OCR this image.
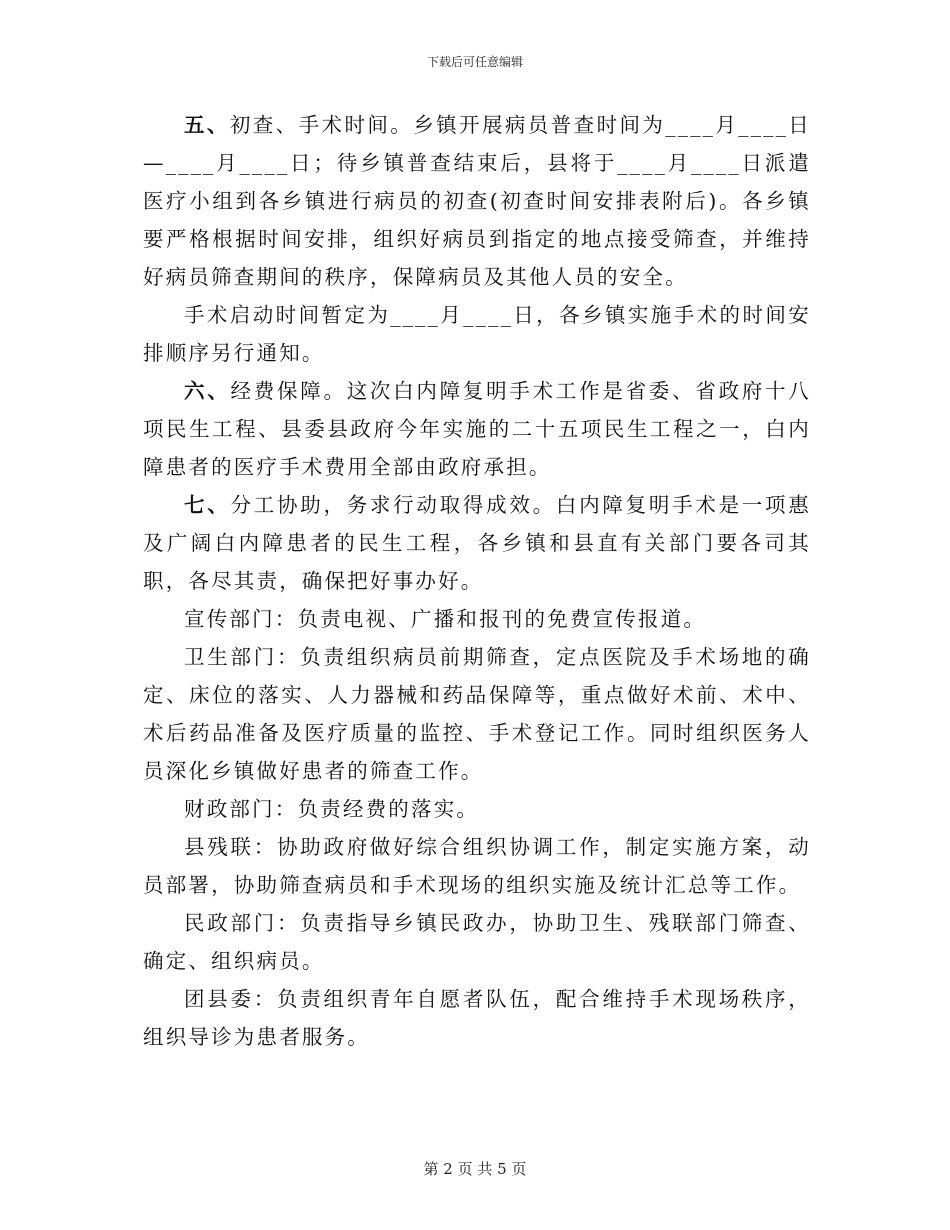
下载后可任意编辑

五、初查、手术时间。乡镇开展病员普查时间为____月____日—____月____日；待乡镇普查结束后，县将于____月____日派遣医疗小组到各乡镇进行病员的初查(初查时间安排表附后)。各乡镇要严格根据时间安排，组织好病员到指定的地点接受筛查，并维持好病员筛查期间的秩序，保障病员及其他人员的安全。

手术启动时间暂定为____月____日，各乡镇实施手术的时间安排顺序另行通知。

六、经费保障。这次白内障复明手术工作是省委、省政府十八项民生工程、县委县政府今年实施的二十五项民生工程之一，白内障患者的医疗手术费用全部由政府承担。

七、分工协助，务求行动取得成效。白内障复明手术是一项惠及广阔白内障患者的民生工程，各乡镇和县直有关部门要各司其职，各尽其责，确保把好事办好。

宣传部门：负责电视、广播和报刊的免费宣传报道。

卫生部门：负责组织病员前期筛查，定点医院及手术场地的确定、床位的落实、人力器械和药品保障等，重点做好术前、术中、术后药品准备及医疗质量的监控、手术登记工作。同时组织医务人员深化乡镇做好患者的筛查工作。

财政部门：负责经费的落实。

县残联：协助政府做好综合组织协调工作，制定实施方案，动员部署，协助筛查病员和手术现场的组织实施及统计汇总等工作。

民政部门：负责指导乡镇民政办，协助卫生、残联部门筛查、确定、组织病员。

团县委：负责组织青年自愿者队伍，配合维持手术现场秩序，组织导诊为患者服务。

第 2 页 共 5 页
